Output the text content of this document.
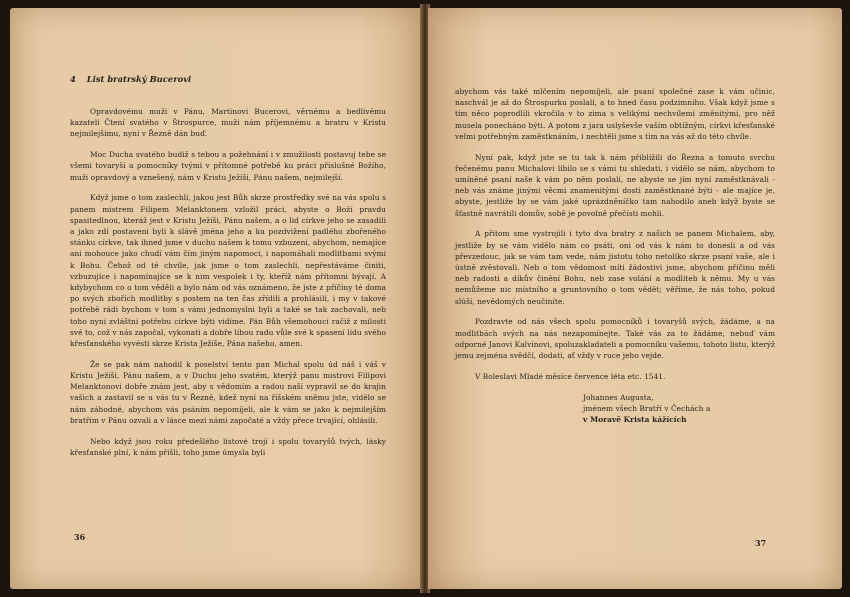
4 List bratrský Bucerovi

Opravdovému muži v Pánu, Martinovi Bucerovi, věrnému a bedlivému kazateli Čtení svatého v Štrospurce, muži nám příjemnému a bratru v Kristu nejmilejšímu, nyní v Řezně dán buď.

Moc Ducha svatého budiž s tebou a požehnání i v zmužilosti postavuj tebe se všemi tovaryši a pomocníky tvými v přítomné potřebě ku práci příslušné Božího, muži opravdový a vznešený, nám v Kristu Ježíši, Pánu našem, nejmilejší.

Když jsme o tom zaslechli, jakou jest Bůh skrze prostředky své na vás spolu s panem mistrem Filipem Melanktonem vzložil práci, abyste o Boží pravdu spasitedlnou, kteráž jest v Kristu Ježíši, Pánu našem, a o lid církve jeho se zasadili a jako zdí postaveni byli k slávě jména jeho a ku pozdvižení padlého zbořeného stánku církve, tak ihned jsme v duchu našem k tomu vzbuzeni, abychom, nemajíce ani mohouce jako chudí vám čím jiným napomoci, i napomáhali modlitbami svými k Bohu. Čehož od té chvíle, jak jsme o tom zaslechli, nepřestáváme činiti, vzbuzujíce i napomínajíce se k nim vespolek i ty, kteříž nám přítomni bývají. A kdybychom co o tom věděli a bylo nám od vás oznámeno, že jste z příčiny té doma po svých zbořích modlitby s postem na ten čas zřídili a prohlásili, i my v takové potřebě rádi bychom v tom s vámi jednomyslni byli a také se tak zachovali, neb toho nyní zvláštní potřebu církve býti vidíme. Pán Bůh všemohoucí račiž z milosti své to, což v nás započal, vykonati a dobře libou radu vůle své k spasení lidu svého křesťanského vyvésti skrze Krista Ježíše, Pána našeho, amen.

Že se pak nám nahodil k poselství tento pan Michal spolu úd náš i váš v Kristu Ježíši, Pánu našem, a v Duchu jeho svatém, kterýž panu mistrovi Filipovi Melanktonovi dobře znám jest, aby s vědomím a radou naší vypravil se do krajin vašich a zastavil se u vás tu v Řezně, kdež nyní na říšském sněmu jste, vidělo se nám záhodné, abychom vás psáním nepomíjeli, ale k vám se jako k nejmilejším bratřím v Pánu ozvali a v lásce mezi námi započaté a vždy přece trvající, ohlásili.

Nebo když jsou roku předešlého listové trojí i spolu tovaryšů tvých, lásky křesťanské plní, k nám přišli, toho jsme úmysla byli

36

abychom vás také mlčením nepomíjeli, ale psaní společné zase k vám učinic, naschvál je až do Štrospurku poslali, a to hned času podzimního. Však když jsme s tím něco poprodlili vkročila v to zima s velikými nechvílemi změnitými, pro něž musela ponecháno býti. A potom z jara uslyševše vaším obtížným, církvi křesťanské velmi potřebným zaměstknáním, i nechtěli jsme s tím na vás až do této chvíle.

Nyní pak, když jste se tu tak k nám přiblížili do Řezna a tomuto svrchu řečenému panu Michalovi líbilo se s vámi tu shledati, i vidělo se nám, abychom to umíněné psaní naše k vám po něm poslali, ne abyste se jím nyní zaměstknávali - neb vás známe jinými věcmi znamenitými dosti zaměstknané býti - ale majíce je, abyste, jestliže by se vám jaké uprázdněníčko tam nahodilo aneb když byste se šťastně navrátili domův, sobě je povolně přečísti mohli.

A přitom sme vystrojili i tyto dva bratry z našich se panem Michalem, aby, jestliže by se vám vidělo nám co psáti, oni od vás k nám to donesli a od vás převzedouc, jak se vám tam vede, nám jistotu toho netoliko skrze psaní vaše, ale i ústně zvěstovali. Neb o tom vědomost míti žádostivi jsme, abychom příčinu měli neb radosti a díkův činění Bohu, neb zase volání a modliteb k němu. My u vás nemůžeme nic místního a gruntovního o tom vědět; věříme, že nás toho, pokud slúší, nevědomých neučiníte.

Pozdravte od nás všech spolu pomocníků i tovaryšů svých, žádáme, a na modlitbách svých na nás nezapomínejte. Také vás za to žádáme, nebuď vám odporné Janovi Kalvínovi, spoluzakladateli a pomocníku vašemu, tohoto listu, kterýž jemu zejména svědčí, dodati, ať vždy v ruce jeho vejde.

V Boleslavi Mladé měsíce července léta etc. 1541.

Johannes Augusta,
jménem všech Bratří v Čechách a
v Moravě Krista kážících
37
